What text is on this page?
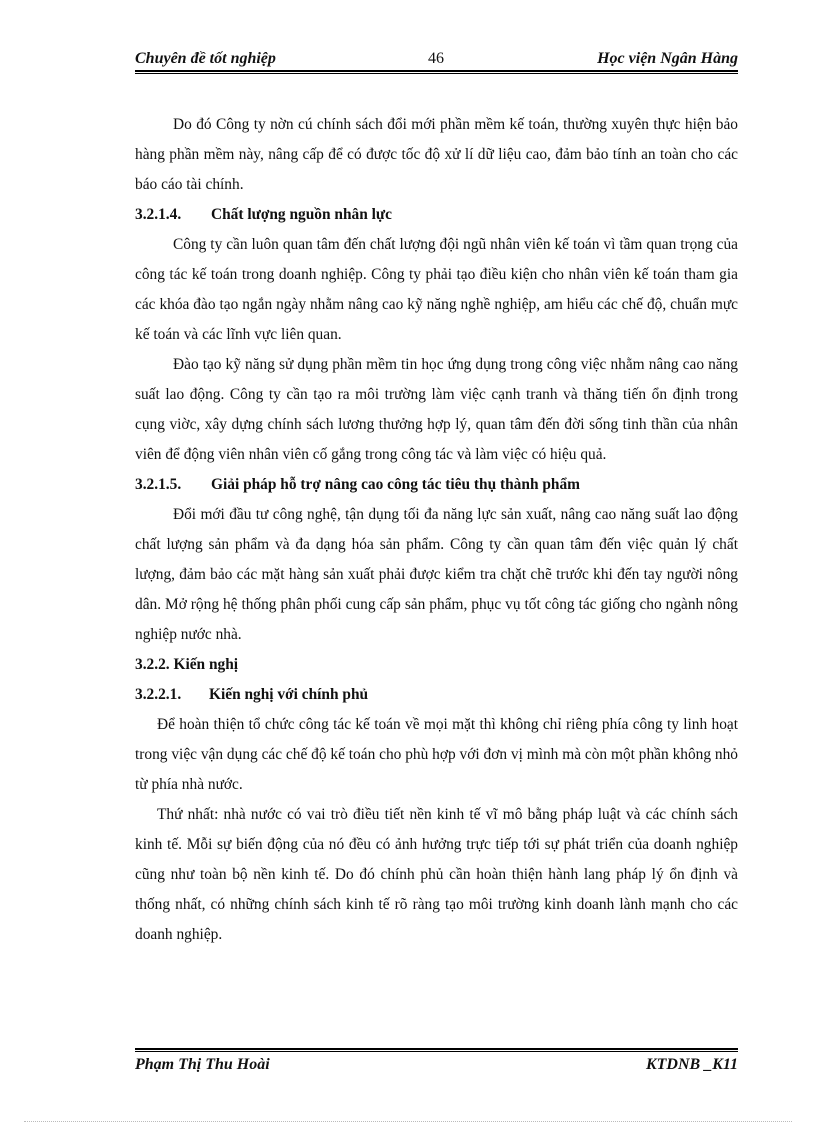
Chuyên đề tốt nghiệp	46	Học viện Ngân Hàng

Do đó Công ty nờn cú chính sách đổi mới phần mềm kế toán, thường xuyên thực hiện bảo hàng phần mềm này, nâng cấp để có được tốc độ xử lí dữ liệu cao, đảm bảo tính an toàn cho các báo cáo tài chính.

3.2.1.4. Chất lượng nguồn nhân lực

Công ty cần luôn quan tâm đến chất lượng đội ngũ nhân viên kế toán vì tầm quan trọng của công tác kế toán trong doanh nghiệp. Công ty phải tạo điều kiện cho nhân viên kế toán tham gia các khóa đào tạo ngắn ngày nhằm nâng cao kỹ năng nghề nghiệp, am hiểu các chế độ, chuẩn mực kế toán và các lĩnh vực liên quan.

Đào tạo kỹ năng sử dụng phần mềm tin học ứng dụng trong công việc nhằm nâng cao năng suất lao động. Công ty cần tạo ra môi trường làm việc cạnh tranh và thăng tiến ổn định trong cụng viờc, xây dựng chính sách lương thưởng hợp lý, quan tâm đến đời sống tinh thần của nhân viên để động viên nhân viên cố gắng trong công tác và làm việc có hiệu quả.

3.2.1.5. Giải pháp hỗ trợ nâng cao công tác tiêu thụ thành phẩm

Đổi mới đầu tư công nghệ, tận dụng tối đa năng lực sản xuất, nâng cao năng suất lao động chất lượng sản phẩm và đa dạng hóa sản phẩm. Công ty cần quan tâm đến việc quản lý chất lượng, đảm bảo các mặt hàng sản xuất phải được kiểm tra chặt chẽ trước khi đến tay người nông dân. Mở rộng hệ thống phân phối cung cấp sản phẩm, phục vụ tốt công tác giống cho ngành nông nghiệp nước nhà.

3.2.2. Kiến nghị

3.2.2.1. Kiến nghị với chính phủ

Để hoàn thiện tổ chức công tác kế toán về mọi mặt thì không chỉ riêng phía công ty linh hoạt trong việc vận dụng các chế độ kế toán cho phù hợp với đơn vị mình mà còn một phần không nhỏ từ phía nhà nước.

Thứ nhất: nhà nước có vai trò điều tiết nền kinh tế vĩ mô bằng pháp luật và các chính sách kinh tế. Mỗi sự biến động của nó đều có ảnh hưởng trực tiếp tới sự phát triển của doanh nghiệp cũng như toàn bộ nền kinh tế. Do đó chính phủ cần hoàn thiện hành lang pháp lý ổn định và thống nhất, có những chính sách kinh tế rõ ràng tạo môi trường kinh doanh lành mạnh cho các doanh nghiệp.

Phạm Thị Thu Hoài	KTDNB _K11
